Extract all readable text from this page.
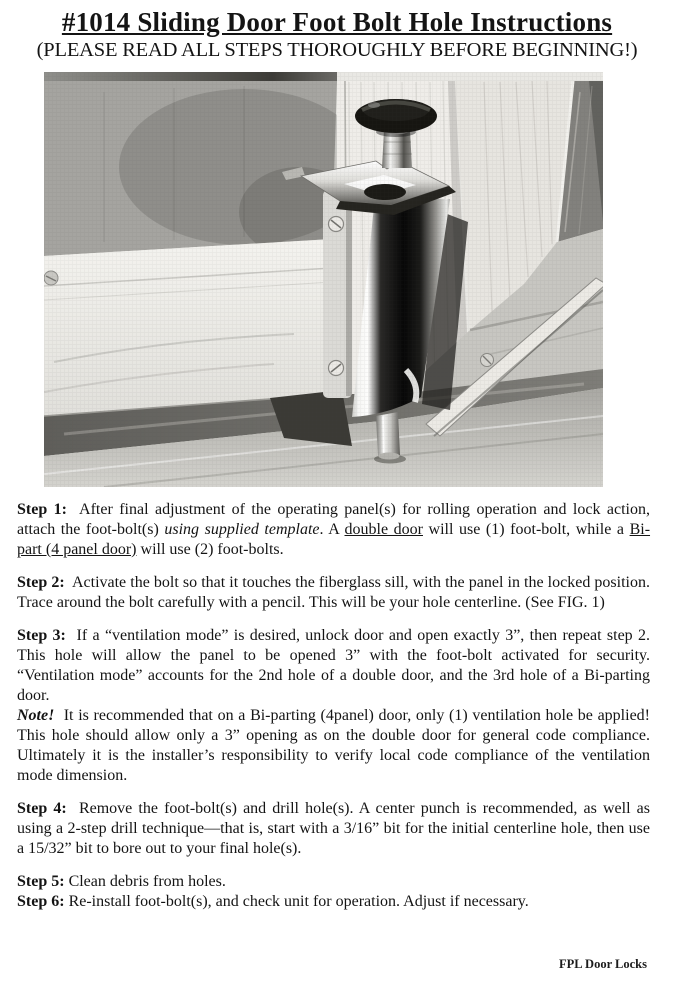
#1014 Sliding Door Foot Bolt Hole Instructions
(PLEASE READ ALL STEPS THOROUGHLY BEFORE BEGINNING!)

Step 1:  After final adjustment of the operating panel(s) for rolling operation and lock action, attach the foot-bolt(s) using supplied template. A double door will use (1) foot-bolt, while a Bi-part (4 panel door) will use (2) foot-bolts.

Step 2:  Activate the bolt so that it touches the fiberglass sill, with the panel in the locked position. Trace around the bolt carefully with a pencil. This will be your hole centerline. (See FIG. 1)

Step 3:  If a “ventilation mode” is desired, unlock door and open exactly 3”, then repeat step 2. This hole will allow the panel to be opened 3” with the foot-bolt activated for security. “Ventilation mode” accounts for the 2nd hole of a double door, and the 3rd hole of a Bi-parting door.

Note!  It is recommended that on a Bi-parting (4panel) door, only (1) ventilation hole be applied! This hole should allow only a 3” opening as on the double door for general code compliance. Ultimately it is the installer’s responsibility to verify local code compliance of the ventilation mode dimension.

Step 4:  Remove the foot-bolt(s) and drill hole(s). A center punch is recommended, as well as using a 2-step drill technique—that is, start with a 3/16” bit for the initial centerline hole, then use a 15/32” bit to bore out to your final hole(s).

Step 5: Clean debris from holes.

Step 6: Re-install foot-bolt(s), and check unit for operation. Adjust if necessary.

FPL Door Locks
